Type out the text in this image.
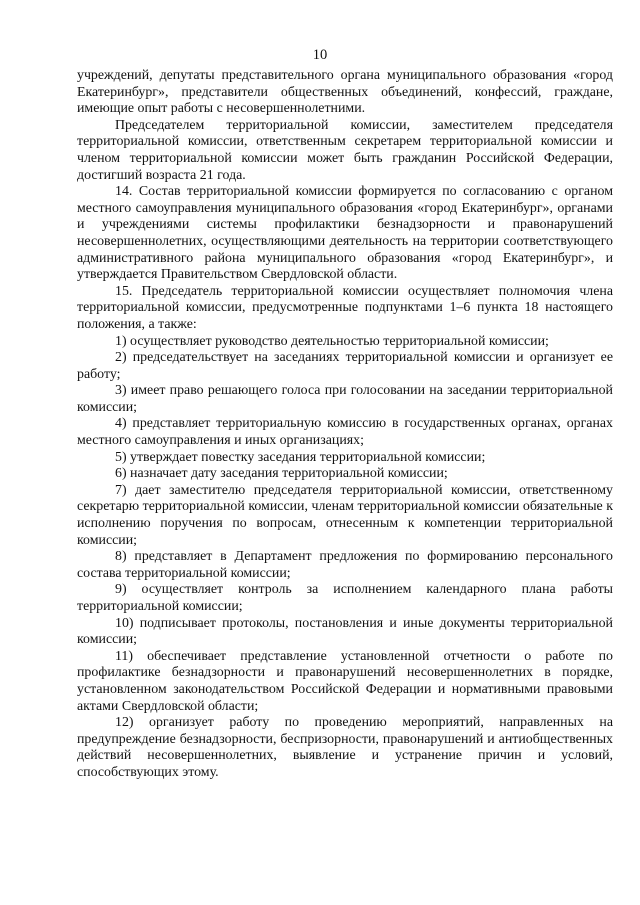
10

учреждений, депутаты представительного органа муниципального образования «город Екатеринбург», представители общественных объединений, конфессий, граждане, имеющие опыт работы с несовершеннолетними.

Председателем территориальной комиссии, заместителем председателя территориальной комиссии, ответственным секретарем территориальной комиссии и членом территориальной комиссии может быть гражданин Российской Федерации, достигший возраста 21 года.

14. Состав территориальной комиссии формируется по согласованию с органом местного самоуправления муниципального образования «город Екатеринбург», органами и учреждениями системы профилактики безнадзорности и правонарушений несовершеннолетних, осуществляющими деятельность на территории соответствующего административного района муниципального образования «город Екатеринбург», и утверждается Правительством Свердловской области.

15. Председатель территориальной комиссии осуществляет полномочия члена территориальной комиссии, предусмотренные подпунктами 1–6 пункта 18 настоящего положения, а также:

1) осуществляет руководство деятельностью территориальной комиссии;

2) председательствует на заседаниях территориальной комиссии и организует ее работу;

3) имеет право решающего голоса при голосовании на заседании территориальной комиссии;

4) представляет территориальную комиссию в государственных органах, органах местного самоуправления и иных организациях;

5) утверждает повестку заседания территориальной комиссии;

6) назначает дату заседания территориальной комиссии;

7) дает заместителю председателя территориальной комиссии, ответственному секретарю территориальной комиссии, членам территориальной комиссии обязательные к исполнению поручения по вопросам, отнесенным к компетенции территориальной комиссии;

8) представляет в Департамент предложения по формированию персонального состава территориальной комиссии;

9) осуществляет контроль за исполнением календарного плана работы территориальной комиссии;

10) подписывает протоколы, постановления и иные документы территориальной комиссии;

11) обеспечивает представление установленной отчетности о работе по профилактике безнадзорности и правонарушений несовершеннолетних в порядке, установленном законодательством Российской Федерации и нормативными правовыми актами Свердловской области;

12) организует работу по проведению мероприятий, направленных на предупреждение безнадзорности, беспризорности, правонарушений и антиобщественных действий несовершеннолетних, выявление и устранение причин и условий, способствующих этому.
